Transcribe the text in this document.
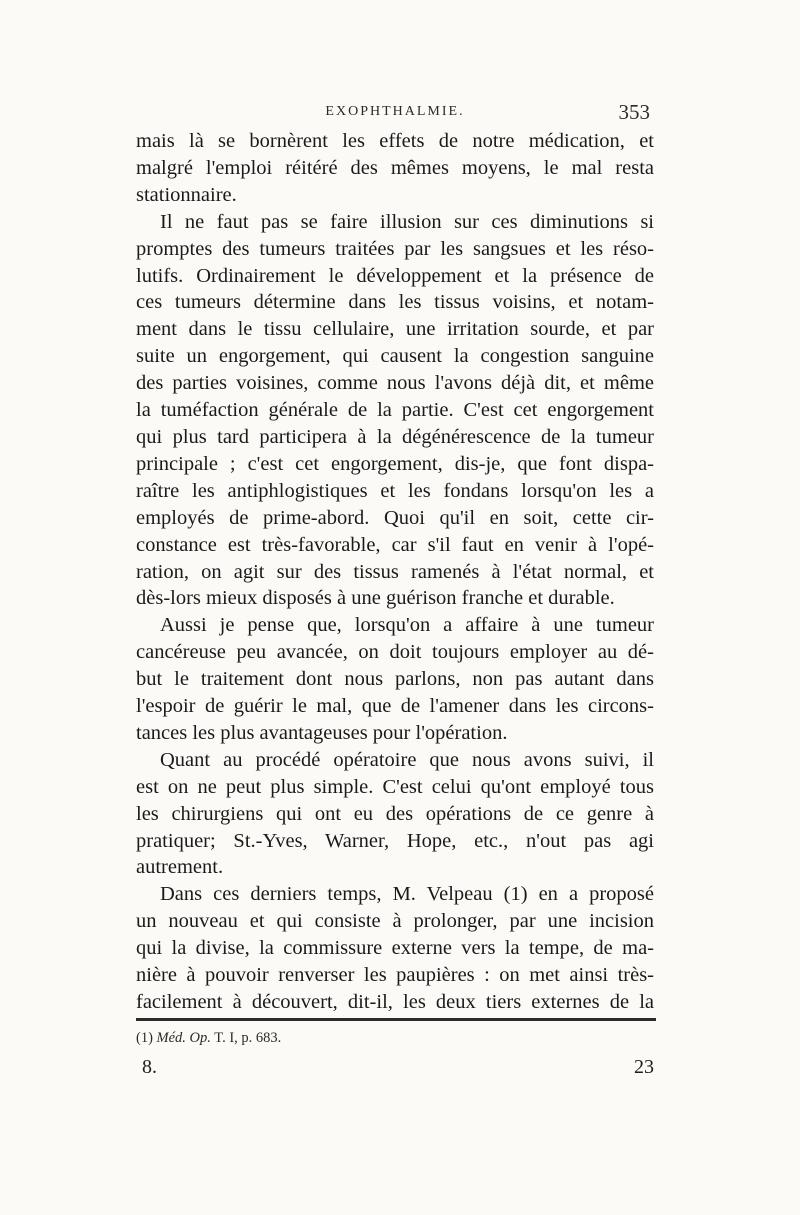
EXOPHTHALMIE.	353

mais là se bornèrent les effets de notre médication, et

malgré l'emploi réitéré des mêmes moyens, le mal resta

stationnaire.

Il ne faut pas se faire illusion sur ces diminutions si

promptes des tumeurs traitées par les sangsues et les réso-

lutifs. Ordinairement le développement et la présence de

ces tumeurs détermine dans les tissus voisins, et notam-

ment dans le tissu cellulaire, une irritation sourde, et par

suite un engorgement, qui causent la congestion sanguine

des parties voisines, comme nous l'avons déjà dit, et même

la tuméfaction générale de la partie. C'est cet engorgement

qui plus tard participera à la dégénérescence de la tumeur

principale ; c'est cet engorgement, dis-je, que font dispa-

raître les antiphlogistiques et les fondans lorsqu'on les a

employés de prime-abord. Quoi qu'il en soit, cette cir-

constance est très-favorable, car s'il faut en venir à l'opé-

ration, on agit sur des tissus ramenés à l'état normal, et

dès-lors mieux disposés à une guérison franche et durable.

Aussi je pense que, lorsqu'on a affaire à une tumeur

cancéreuse peu avancée, on doit toujours employer au dé-

but le traitement dont nous parlons, non pas autant dans

l'espoir de guérir le mal, que de l'amener dans les circons-

tances les plus avantageuses pour l'opération.

Quant au procédé opératoire que nous avons suivi, il

est on ne peut plus simple. C'est celui qu'ont employé tous

les chirurgiens qui ont eu des opérations de ce genre à

pratiquer; St.-Yves, Warner, Hope, etc., n'out pas agi

autrement.

Dans ces derniers temps, M. Velpeau (1) en a proposé

un nouveau et qui consiste à prolonger, par une incision

qui la divise, la commissure externe vers la tempe, de ma-

nière à pouvoir renverser les paupières : on met ainsi très-

facilement à découvert, dit-il, les deux tiers externes de la

(1) Méd. Op. T. I, p. 683.
8.	23
